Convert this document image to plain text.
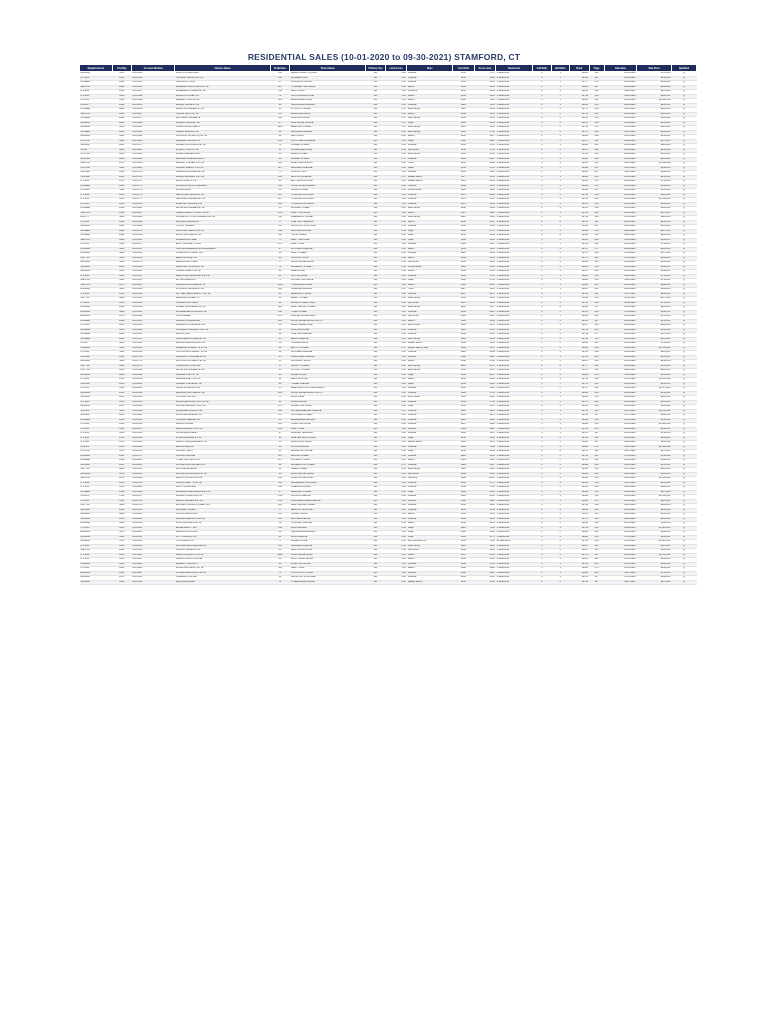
RESIDENTIAL SALES (10-01-2020 to 09-30-2021) STAMFORD, CT
Neighborhood	Tax Map	Account Number	Owners Name	St Number	Street Name	Primary Use	Land Acres	Style	Year Built	Gross Area	Bedrooms	Full Bath	Half Bath	Book	Page	Sale Date	Sale Price	Qualified
NEWFLD	3470	000-0012	PASCHOS FRANCES	145	CEDAR HEIGHTS ROAD	101	0.86	Colonial	1954	1772	4 Bedrooms	2	1	12822	162	03/10/2021	$781,000	Q
N STAM	1150	000-0038	TORIANO JESSICA ET AL	246	DUNDEE ROAD	101	1.02	Colonial	1960	3220	4 Bedrooms	3	1	12491	101	10/22/2020	$849,000	Q
GUSBER	2690	000-0136	SUKHALOV IGOR	57	BUXBROOK DRIVE	101	0.32	Colonial	1949	2395	3 Bedrooms	2	1	12777	276	08/11/2021	$690,000	Q
WESTOV	2690	000-0163	BARRERA KEVIN DAVID ET AL	287	THUNDER HILL DRIVE	101	1.00	Ranch	1959	3281	4 Bedrooms	2	1	12661	297	04/09/2021	$960,000	Q
N STAM	1260	000-0187	GUERRERO ANGELA ET AL	156	GARY ROAD	101	1.04	Contemp	1960	2661	4 Bedrooms	2	1	12661	326	01/26/2021	$879,000	Q
N STAM	1260	000-0192	DINAPOLI JOSEPH R	74	OLD LOGGING ROAD	101	1.06	Ranch	1966	1993	3 Bedrooms	2	0	12716	134	11/05/2020	$600,000	Q
N STAM	1210	000-0199	FERBER TODD ET AL	389	BRIAR BRAE ROAD	101	2.65	Ranch	1938	7188	5 Bedrooms	4	1	12830	111	03/19/2021	$1,300,000	Q
DOWN T	2690	000-0219	BURKE TARA E ET AL	28	HILLANDALE AVENUE	101	0.16	Colonial	1929	3232	4 Bedrooms	2	1	12813	314	09/22/2021	$845,000	Q
GUSBER	2690	000-0244	BALMI MOHAMMED ET AL	95	PLYMOUTH ROAD	102	0.17	Multi Family	1924	3349	6 Bedrooms	2	0	12775	090	09/15/2021	$800,000	Q
WESTOV	2690	000-0267	HUANG SUNYI ET AL	22	BARMORE DRIVE	101	0.38	Ranch	1958	3052	4 Bedrooms	3	0	12716	116	08/11/2021	$922,000	Q
GUSBER	2690	000-0277	QUINTERO MARLEN E	108	COLONIAL ROAD	101	0.17	Multi Family	1939	3161	5 Bedrooms	2	0	12650	230	03/24/2021	$800,000	Q
NEWFLD	2390	000-0328	ALFARO PAULA ET AL	17	RUSHMORE CIRCLE	101	0.37	Cape	1962	2686	4 Bedrooms	3	0	12678	193	01/19/2021	$815,000	Q
RIDGEW	3610	000-0416	CORETTE MICHAEL A	1905	BEDFORD STREET	101	0.17	Multi Family	1912	3281	5 Bedrooms	3	0	12793	270	07/22/2021	$625,000	Q
GUSBER	2690	000-0413	AMERN DAWN ET AL	50	FAIRVIEW AVENUE	101	0.14	Multi Family	1910	2762	4 Bedrooms	2	0	12727	249	06/07/2021	$665,000	Q
NEWFLD	3450	000-0444	JOHNSON SONIA (NY) ET AL	28	KEN COURT	101	0.25	Ranch	1953	3217	4 Bedrooms	2	0	12642	090	12/16/2020	$549,000	Q
WTR SD	3690	000-0564	SERRERO ADOLFO M	208	SOUTHFIELD AVENUE	101	0.14	Cape	1930	2298	3 Bedrooms	2	0	12707	101	01/28/2021	$475,000	Q
SPRGDL	2640	000-0577	SALIERI NICHOLAS A ET AL	76	PALMER STREET	101	0.22	Colonial	1932	2780	4 Bedrooms	2	1	12650	121	12/03/2020	$689,000	Q
COVE	3640	000-0604	ROMAN YULIN ET AL	51	CAMBRIDGE ROAD	101	0.19	Split Level	1958	1750	3 Bedrooms	2	0	12657	096	03/22/2021	$615,000	Q
WTR SD	3630	000-0626	ALDEN GARDENS LLC	36	ALDEN STREET	101	0.12	Multi Family	2016	3350	6 Bedrooms	3	0	12798	262	09/02/2021	$815,000	Q
SPRGDL	2640	000-0641	DIMAGGIO ALEXANDRA M	36	PALMER STREET	101	0.17	Colonial	1938	2827	3 Bedrooms	2	1	12603	095	02/10/2021	$625,000	Q
WESTOV	2670	000-0653	NELSON STEVEN R ET AL	104	BANKS DRIVE EAST	101	0.96	Tudor	1939	4268	4 Bedrooms	4	1	12683	016	04/21/2021	$1,090,000	Q
WTR SD	3690	000-0686	XAKALLI BARDHYL ET AL	827	FAIRFIELD AVENUE	101	0.20	Cape	1952	3784	4 Bedrooms	2	0	12694	057	04/07/2021	$592,000	Q
SPRGDL	2640	000-0703	SHERIDAN DIANE M ET AL	75	HICKORY WAY	101	0.30	Colonial	1954	3108	4 Bedrooms	2	1	12680	057	11/23/2020	$680,000	Q
SPRGDL	2650	000-0706	KRAMM ANDREW S ET AL	230	JEPPSON AVENUE	101	0.17	Raised Ranch	1977	3258	4 Bedrooms	2	1	12666	035	01/11/2021	$615,000	Q
N STAM	1070	000-0707	MIRAS KARL ET AL	93	BETTSWOOD ROAD	101	1.06	Raised Ranch	1981	4403	4 Bedrooms	3	1	12811	255	03/05/2021	$749,000	Q
GUSBER	2690	000-0771	CARDONA LUIS R GALLEGO	218	COURTLAND AVENUE	101	0.20	Colonial	1998	6672	3 Bedrooms	2	1	12688	033	01/11/2021	$550,000	Q
N STAM	1110	000-0778	LIN WENJING	16	OSCAR STREET	101	0.16	Conventional	1912	1988	3 Bedrooms	1	0	12641	057	12/21/2020	$565,000	Q
N STAM	1250	000-0778	WEINSTEIN JACOB ET AL	147	THORNWOOD ROAD	101	1.00	Colonial	1970	4008	4 Bedrooms	3	0	12728	108	02/25/2021	$880,000	Q
N STAM	1260	000-0777	WEISSMAN ANDREA ET AL	227	THORNWOOD ROAD	101	1.04	Colonial	1979	4726	4 Bedrooms	3	1	12730	096	08/10/2021	$1,180,000	Q
N STAM	1250	000-0780	GLADORF JACOB ET AL	236	THORNWOOD ROAD	101	1.11	Colonial	1979	3840	4 Bedrooms	2	1	12670	150	03/11/2021	$949,000	Q
GUSBER	2690	000-0822	RAHIM MOHAMMED ET AL	55	BONNER STREET	102	0.20	Multi Family	1940	3869	5 Bedrooms	2	0	12670	298	05/03/2021	$600,000	Q
WESTOV	2690	000-0867	OWENS FAMILY LIVING TRUST	189	WEST HILL ROAD	101	1.00	Ranch	1978	3086	3 Bedrooms	2	1	12749	080	05/19/2021	$875,000	Q
EAST S	3620	000-0898	CHENGHUI HY MOHAMMED A ET AL	118	FREDERICK STREET	101	0.12	Multi Family	1925	3029	6 Bedrooms	2	0	12710	109	07/21/2021	$828,000	Q
N STAM	1210	000-0999	DURAND ANDRAIN E	8	PINE HILL TERRACE	101	0.40	Ranch	1958	3147	4 Bedrooms	2	0	12764	191	06/03/2021	$495,000	Q
NEWFLD	3460	000-0952	STOLLY PALMER	80	SNOW CRYSTAL LANE	101	0.52	Colonial	1968	3308	5 Bedrooms	2	1	12693	097	09/01/2021	$900,000	Q
GUSBER	2690	000-0974	PILLICANO SEAN R ET AL	118	MIDLAND AVENUE	101	0.19	Cape	1940	2737	4 Bedrooms	2	0	12605	054	10/26/2020	$467,500	Q
GUSBER	2690	000-1016	BLANK MICHAEL ET AL	392	HOPE STREET	101	0.36	Cape	1942	2609	3 Bedrooms	2	0	12644	056	02/20/2021	$506,000	Q
WESTOV	2690	000-1112	KAMMAN MICHAEL	9	WEST HILL LANE	101	1.00	Cape	1998	3942	4 Bedrooms	3	0	12695	098	11/13/2020	$649,000	Q
N STAM	1230	000-1127	EAST VILLAGE, LTD LA	147	WEST TRAIL	101	1.00	Colonial	1969	4387	5 Bedrooms	3	1	12783	102	06/01/2021	$719,000	Q
RIDGEW	3610	000-1133	HURTADO/DEMENDOZA WANMARIA	27	MC CLEAN AVENUE	101	0.16	Ranch	1939	1945	3 Bedrooms	1	0	12797	177	09/29/2021	$524,000	Q
RIDGEW	3610	000-1134	STAMFORD CHALET LLC	38	WEST STREET	101	0.26	Colonial	1925	3298	4 Bedrooms	2	1	12735	028	07/14/2021	$575,000	Q
WST SD	3630	000-1149	REED ALICIA ET AL	26	OXFORD COURT	101	0.30	Ranch	1949	2433	3 Bedrooms	2	0	12757	100	07/01/2021	$490,000	Q
NEWFLD	3410	000-1175	DEMOLA MATTHEW	2	WOOD RIDGE DRIVE	101	0.94	Split Level	1966	3804	4 Bedrooms	2	1	12642	198	03/19/2021	$850,000	Q
SPRGDL	2650	000-1236	PARIKHAR VIPRUM ET AL	74	RIDGEWAY STREET	101	0.12	Conventional	1919	2148	4 Bedrooms	2	0	12462	214	10/10/2020	$598,000	Q
NEWFLD	3430	000-1242	JORDAN ALEX C ET AL	94	WREN ROAD	101	0.33	Ranch	1960	2790	3 Bedrooms	2	1	12647	256	04/16/2021	$649,000	Q
N STAM	1260	000-1347	BERNSTEIN JENNIFER S ET AL	80	KATYDID LANE	101	1.01	Colonial	1969	4783	4 Bedrooms	3	1	12823	180	03/09/2021	$799,000	Q
WESTOV	3690	000-1365	RICHIE GREGORY	9	CLOVER HILL DRIVE	101	0.89	Cape	1963	3766	4 Bedrooms	2	1	12682	236	11/06/2020	$716,000	Q
WESTOV	2670	000-1381	VALLARINO ANDRES ET AL	1190	STILLWATER ROAD	101	0.90	Ranch	1963	6542	5 Bedrooms	3	1	12640	125	03/25/2021	$862,000	Q
RIDGEW	3610	000-1404	JOHNSON WILLIAM ET AL	161	HUBBARD AVENUE	101	0.17	Tudor	1927	4180	4 Bedrooms	2	1	12697	212	01/29/2021	$699,000	Q
N STAM	1130	000-1436	NUTTER ALEXANDER H II ET AL	61	REDMOUNT ROAD	101	1.68	Colonial	1967	6875	5 Bedrooms	4	1	12742	261	07/07/2021	$995,000	Q
WST SD	3620	000-1419	BRENNAN ROBERT A	20	PERRY STREET	101	0.40	Multi Family	1935	3136	4 Bedrooms	2	0	12618	156	11/12/2020	$475,000	Q
N STAM	1250	000-1445	FIGUEIRA MATHEUS	64	RIDING STABLE TRAIL	101	1.05	Split Level	1979	3990	4 Bedrooms	2	1	12713	205	06/16/2021	$710,000	Q
RIDGEW	2660	000-1458	AHMED MOHAMMED ET AL	128	WEST BROAD STREET	101	0.25	Multi Family	1910	3117	4 Bedrooms	3	0	12624	271	12/03/2020	$489,000	Q
RIDGEW	3610	000-1463	DASNEESIER ROSA E ET AL	118	THIRD STREET	101	0.15	Colonial	1940	2891	4 Bedrooms	2	0	12785	235	07/29/2021	$590,000	Q
NEWFLD	2470	000-1464	SHAJI BABER	470	PEPPER RIDGE ROAD	101	0.82	Split Level	1963	3463	4 Bedrooms	2	1	12616	280	10/28/2020	$785,000	Q
GUSBER	2690	000-1465	CARLUCCI ADRIAANA	223	WOOD RIDGE DRIVE SOUTH	101	0.22	Ranch	1965	1543	3 Bedrooms	2	0	12676	207	01/13/2021	$513,000	Q
N STAM	1250	000-1488	PEARSON PURNIMA ET AL	19	BARNSTABLE LANE	101	0.04	Row House	1996	2478	3 Bedrooms	2	1	12667	243	02/11/2021	$388,000	Q
RIDGEW	3610	000-1499	CANDALLO KENNETH A ET AL	28	WINDSOR ROAD	101	0.14	Colonial	1929	2720	3 Bedrooms	2	1	12719	210	06/10/2021	$630,000	Q
GUSBER	2690	000-1503	BAROS LINA	60	PINE HILL AVENUE	101	0.20	Colonial	1932	3214	3 Bedrooms	2	0	12739	077	05/13/2021	$575,000	Q
GUSBER	2690	000-1597	PRACKIEWICZ ADAM ET AL	35	LENOX AVENUE	102	0.20	Multi Family	1928	2969	4 Bedrooms	2	0	12710	130	06/11/2021	$605,000	Q
COVE	3640	000-1668	DAVANPORE DOLAN ET AL	50	TURNER DRIVE	101	0.20	Raised Ranch	1962	3189	4 Bedrooms	2	0	12664	161	05/14/2021	$786,000	Q
RIDGEW	3610	000-1634	ANDERSON PEGGY M ET AL	30	EIGHTH STREET	101	0.17	Duplex side by side	1948	5697	8 Bedrooms	4	0	12634	210	03/18/2021	$1,150,000	Q
N STAM	1110	000-1652	COUTROULIS JAMIE T ET AL	38	SCOFIELD AVENUE	101	0.30	Colonial	1920	2939	3 Bedrooms	2	0	12705	268	05/26/2021	$625,000	Q
SPRGDL	2650	000-1719	AMBROZUYN DANIEL ET AL	85	CLEARVIEW AVENUE	101	0.26	Colonial	1938	3923	4 Bedrooms	2	1	12750	038	06/25/2021	$815,000	Q
NEWFLD	3440	000-1779	CASTILLO DONNEL F ET AL	13	WOODWAY ROAD	101	0.26	Ranch	1948	2766	3 Bedrooms	2	0	12667	113	12/22/2020	$498,000	Q
WST SD	3620	000-1973	STAMFORD HOSPITAL	57	WRIGHT STREET	101	0.15	Multi Family	1922	2978	5 Bedrooms	2	0	12777	098	08/06/2021	$720,000	Q
WST SD	3630	000-1992	RAHIM MOHAMMED ET AL	60	VICTORY STREET	101	0.12	Multi Family	1948	3113	6 Bedrooms	2	0	12671	110	04/28/2021	$620,000	Q
RIDGEW	2660	000-2194	FARMER JOEY ET AL	23	OGDEN ROAD	101	0.20	Cape	1943	2437	3 Bedrooms	2	0	12696	076	11/19/2020	$549,000	Q
N STAM	1250	000-2206	MUELLER BETH ET AL	69	RED FOX ROAD	101	1.00	Ranch	1958	3480	3 Bedrooms	2	1	12795	243	07/25/2021	$1,185,000	Q
SPRGDL	2650	000-2229	SADLER STEVEN ET AL	98	TOWER AVENUE	101	0.20	Cape	1948	3126	3 Bedrooms	2	0	12770	218	08/16/2021	$610,000	Q
N STAM	1210	000-2291	SIMAN RONALD ET AL	15	BEDFORD FORTH DRIVE EAST	101	0.32	Colonial	1952	3284	4 Bedrooms	3	0	12797	032	09/28/2021	$1,075,000	Q
NEWFLD	2450	000-2292	BRANNAN MICHAEL ET AL	206	WOOD RIDGE DRIVE SOUTH	101	0.30	Colonial	1963	3704	4 Bedrooms	2	1	12693	203	12/10/2020	$590,000	Q
SPRGDL	2650	000-2349	F & A CAPITAL LLC	6	AVON LANE	101	0.06	Row House	1965	2905	3 Bedrooms	1	1	12683	015	06/11/2021	$295,000	Q
N STAM	1210	000-2363	BOUCHARD-MORTON K ET AL	90	JULIAN DRIVE	101	1.00	Colonial	1956	3740	4 Bedrooms	3	1	12707	288	03/29/2021	$855,000	Q
NEWFLD	2470	000-2382	KURTEN JEFFREY M ET AL	276	OLIVER HILL LANE	101	0.46	Cape	1952	3272	4 Bedrooms	2	0	12659	169	06/10/2021	$628,000	Q
SHIPPN	3640	000-2392	LAVANDER DAVID ET AL	108	VAN RENSSELAER AVENUE	101	0.37	Colonial	1928	3926	4 Bedrooms	3	1	12788	065	08/27/2021	$1,250,000	Q
SPRGDL	2650	000-2404	DONG JENNIFER ET AL	40	CHATFIELD STREET	101	0.20	Colonial	1918	2876	4 Bedrooms	2	1	12796	187	07/27/2021	$580,000	Q
GUSBER	2690	000-2405	HOLIGAN SEMA ET AL	43	BELLEMORE AVENUE	101	0.20	Colonial	1929	2982	4 Bedrooms	2	0	12664	188	12/14/2020	$545,000	Q
N STAM	1130	000-2419	MORAN SHANE	109	JONATHAN DRIVE	101	2.00	Colonial	1978	5088	4 Bedrooms	3	1	12640	085	10/21/2020	$1,000,000	Q
N STAM	1230	000-2473	KLEIN JEFFREY B ET AL	208	WEST TRAIL	101	1.00	Colonial	1969	4086	5 Bedrooms	3	1	12724	035	04/21/2021	$950,000	Q
N STAM	1210	000-2523	SCHRALLE AUBREY	97	WILLARD TERRACE	101	0.46	Colonial	1998	5978	4 Bedrooms	3	1	12781	147	06/16/2021	$796,000	Q
N STAM	1150	000-2524	LONG JENNIFER ET AL	90	SHELTER ROCK ROAD	101	0.06	Cape	1952	6666	4 Bedrooms	2	0	12780	243	06/01/2021	$694,000	Q
N STAM	1250	000-2529	IMBACH JACQUELINE ET AL	16	ALMA ROCK ROAD	101	1.00	Raised Ranch	1969	3231	4 Bedrooms	3	0	12686	297	03/09/2021	$890,000	Q
SHIPPN	3700	000-2536	GARCIA BRAD A	50	PONUS AVENUE	101	0.03	Colonial	1928	7208	7 Bedrooms	4	1	12688	070	11/20/2020	$1,800,000	Q
WTR SD	3670	000-2552	OSALLEY BETH	44	DAVENPORT DRIVE	101	0.36	Cape	1942	3882	4 Bedrooms	2	0	12974	102	01/27/2021	$875,000	Q
RIDGEW	2660	000-2577	DUNCAN DIANNE	121	BRIDGE STREET	101	0.14	Colonial	1928	2659	3 Bedrooms	2	0	12760	101	07/13/2021	$548,000	Q
GUSBER	2690	000-2581	TYLER NATHAN ET AL	187	CLOVELLY ROAD	101	0.25	Ranch	1961	3466	4 Bedrooms	2	0	12766	222	08/23/2021	$580,000	Q
SPRGDL	2640	000-2603	CONCEPCION MODESTO P	38	RIDGEWOOD STREET	101	0.17	Colonial	1929	2987	4 Bedrooms	2	0	12699	090	01/21/2021	$555,000	Q
WST SD	3630	000-2613	ANTOINE EUGENE	29	HAZEL STREET	102	0.11	Multi Family	1928	3412	4 Bedrooms	2	0	12650	131	05/17/2021	$585,000	Q
NEWFLD	3470	000-2636	RAJAGOPAL ARAVIND ET AL	92	BUCKINGHAM DRIVE	101	0.23	Split Level	1960	6358	4 Bedrooms	2	1	12695	245	04/20/2021	$695,000	Q
WESTOV	2670	000-2698	MALLOY PATRICK ET AL	248	LONG CLOSE ROAD	101	0.00	Contemp	1998	11416	6 Bedrooms	5	2	12620	204	02/23/2021	$2,400,000	Q
N STAM	1150	000-2704	SLATER BRETT R ET AL	110	LAWRENCE HILL ROAD	101	1.00	Colonial	1968	4773	5 Bedrooms	3	1	12665	158	07/27/2021	$850,000	Q
N STAM	1210	000-2946	SMITH MARIANNE	116	PINEWOOD ROAD	101	1.09	Colonial	1958	3782	5 Bedrooms	3	0	12615	106	09/22/2021	$880,000	Q
GUSBER	2690	000-2968	BURBANO ALEJANDRA E ET AL	17	BERNARD STREET	101	0.20	Cape	1942	2422	3 Bedrooms	2	0	12696	256	06/02/2021	$471,000	Q
SHIPPN	3700	000-2707	PANARITIS ERICA ET AL	1793	SHIPPAN AVENUE	101	0.34	Colonial	1914	6063	4 Bedrooms	3	1	12623	110	10/28/2020	$1,100,000	Q
N STAM	1120	000-2729	WALSH LAUREN E ET AL	210	KNICKERBOCKER AVENUE	101	0.26	Colonial	1940	3380	4 Bedrooms	3	1	12610	171	10/05/2020	$925,000	Q
WST SD	3620	000-2763	288 WEST BROAD STREET LLC	288	WEST BROAD STREET	101	0.26	Colonial	1938	3298	4 Bedrooms	2	0	12795	109	09/21/2021	$608,200	Q
NEWFLD	2450	000-2813	DAPERRO CINDIA	8	BEACON HILL ROAD	101	0.29	Colonial	1963	3164	4 Bedrooms	2	1	12669	234	12/04/2020	$695,000	Q
NEWFLD	3420	000-2825	COSTE FRANCISCO	247	HUBERT ROAD	101	1.04	Ranch	1962	3515	4 Bedrooms	3	0	12783	154	09/20/2021	$810,000	Q
SPRGDL	2650	000-2881	MIRANDA MELCHOR ET AL	151	MALTBIE AVENUE	101	1.00	Colonial	1940	1849	3 Bedrooms	2	0	12757	160	08/04/2021	$610,000	Q
RIDGEW	3610	000-2893	LUPO GIANPELLI ET AL	58	HINCKLEY AVENUE	101	0.14	Ranch	1938	2839	3 Bedrooms	2	0	12638	250	12/13/2020	$588,000	Q
N STAM	1210	000-2904	EDDIE REALTY LLC	218	PARK AVENUE	101	0.12	Cape	1920	7136	4 Bedrooms	2	1	12791	254	09/08/2021	$1,629,000	Q
NEWFLD	3470	000-2906	PELICCIOLO LISA M	48	SQUARE ACRE DRIVE	101	0.36	Cape	1960	3242	4 Bedrooms	2	0	12808	052	09/23/2021	$800,000	Q
NEWFLD	3430	000-2911	FOTY DIANE ET AL	80	DUNN AVENUE	101	0.26	Cape	1955	2771	3 Bedrooms	2	0	12628	165	07/01/2021	$610,000	Q
RIDGEW	3700	000-2912	TRI LINDEN LLC	5	LINDEN PLACE	802	0.30	Apt Converted 3+	1930	7216	12 Bedrooms	4	0	12711	084	01/23/2021	$1,481,000	Q
N STAM	1210	000-2913	110 FAIRFIELD AVENUE LLC	130	FAIRFIELD AVENUE	101	0.15	Multi Family	1928	3624	4 Bedrooms	2	0	12637	191	12/16/2020	$525,000	Q
WESTOV	2690	000-3015	VECINO DANIEL ET AL	80	WESTWOOD ROAD	101	0.46	Split Level	1958	2286	4 Bedrooms	3	0	12617	164	09/03/2021	$680,000	Q
N STAM	1250	000-3034	BAIRD DOMNACH I ET AL	2990	LONG RIDGE ROAD	101	1.08	Ranch	1957	4766	5 Bedrooms	4	0	12778	187	08/26/2021	$1,050,000	Q
N STAM	1250	000-3047	FEARCLOUGH PAULINE	10	NORTHWIND DRIVE	101	1.00	Ranch	1968	3218	4 Bedrooms	2	1	12685	198	03/13/2021	$899,000	Q
RIDGEW	3610	000-3068	BARRETT NICOLA J	19	LONG HILL DRIVE	101	1.00	Colonial	1968	3766	4 Bedrooms	2	1	12759	235	07/21/2021	$900,000	Q
N STAM	1250	000-3086	ROBINSON GRANT ET AL	111	WEST TRAIL	101	1.13	Ranch	1966	4998	5 Bedrooms	3	1	12683	075	03/23/2021	$840,000	Q
NEWFLD	2450	000-3097	FITZMAURICE LISA M ET AL	78	OLD COLONY ROAD	101	0.28	Colonial	1958	3613	4 Bedrooms	2	1	12808	219	09/27/2021	$765,000	Q
NEWFLD	2470	000-3116	TREMBLAY ASHLEY	39	SNOW CRYSTAL LANE	101	0.52	Colonial	1969	3382	4 Bedrooms	2	1	12700	107	07/01/2021	$849,000	Q
NEWFLD	3460	000-3140	RIAL ALEJANDRA	70	THREE LAKES DRIVE	101	0.28	Raised Ranch	1965	3138	4 Bedrooms	2	0	12766	237	09/07/2021	$675,000	Q
